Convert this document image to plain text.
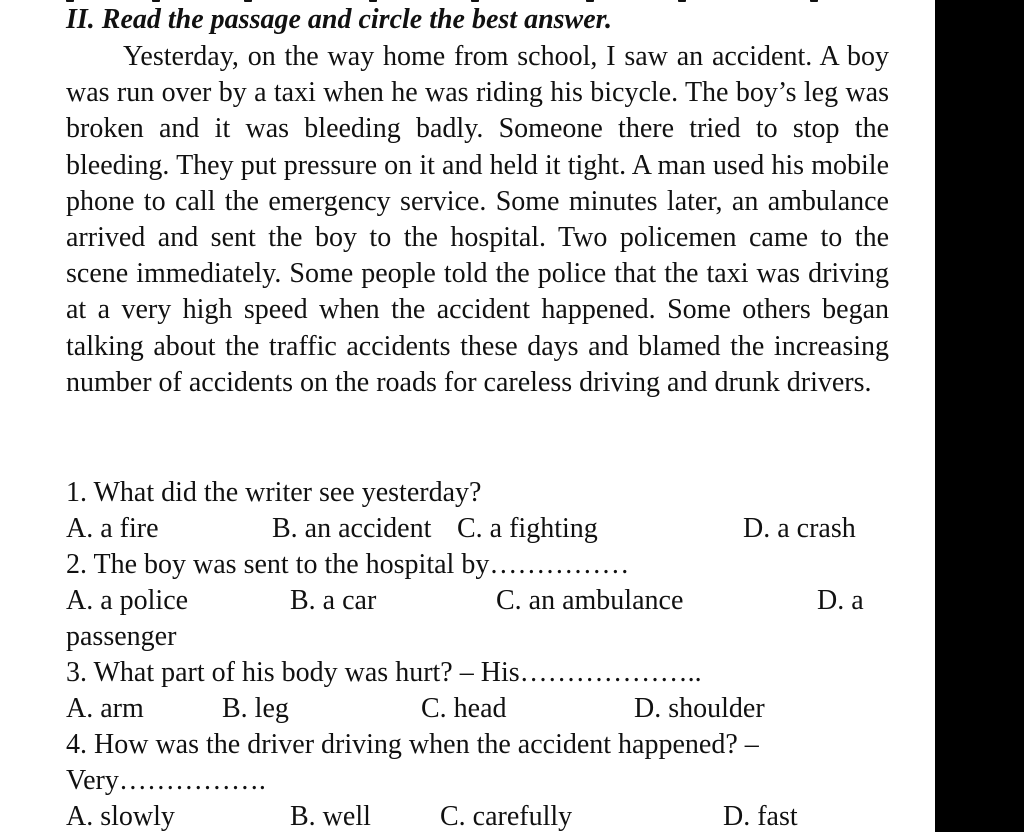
II. Read the passage and circle the best answer.

Yesterday, on the way home from school, I saw an accident. A boy was run over by a taxi when he was riding his bicycle. The boy’s leg was broken and it was bleeding badly. Someone there tried to stop the bleeding. They put pressure on it and held it tight. A man used his mobile phone to call the emergency service. Some minutes later, an ambulance arrived and sent the boy to the hospital. Two policemen came to the scene immediately. Some people told the police that the taxi was driving at a very high speed when the accident happened. Some others began talking about the traffic accidents these days and blamed the increasing number of accidents on the roads for careless driving and drunk drivers.

1. What did the writer see yesterday?
A. a fire	B. an accident C. a fighting	D. a crash
2. The boy was sent to the hospital by……………
A. a police	B. a car	C. an ambulance	D. a
passenger
3. What part of his body was hurt? – His………………..
A. arm	B. leg	C. head	D. shoulder
4. How was the driver driving when the accident happened? –
Very…………….
A. slowly	B. well C. carefully	D. fast
